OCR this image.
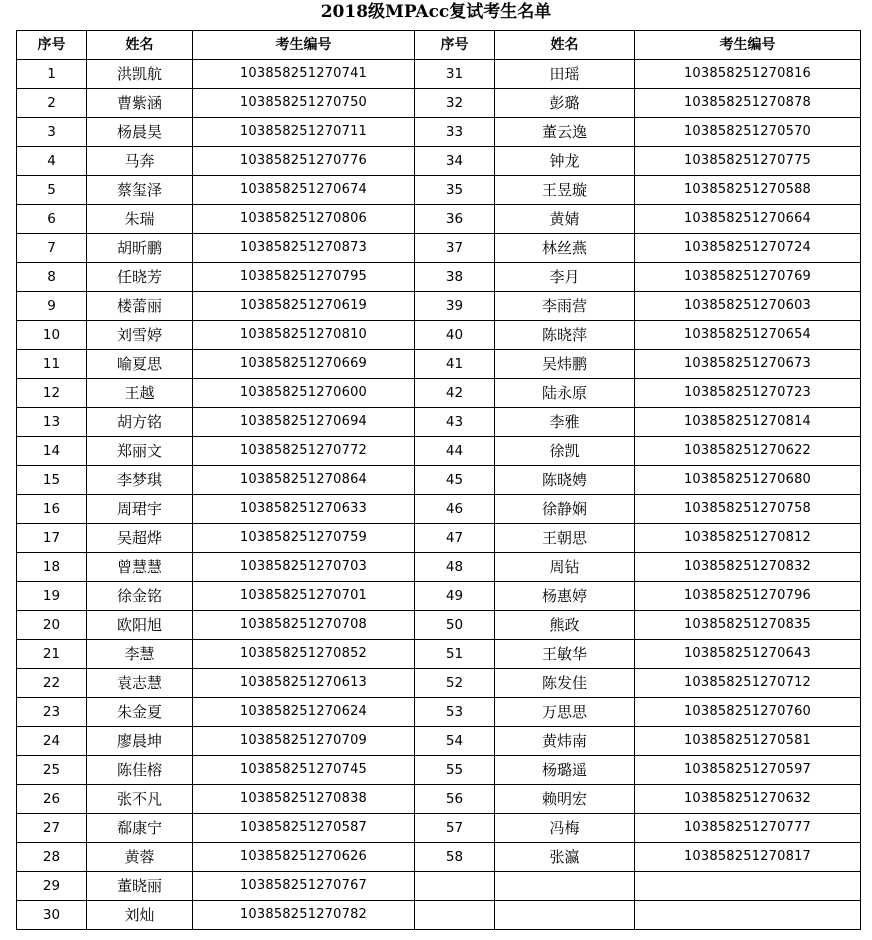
2018级MPAcc复试考生名单
序号	姓名	考生编号	序号	姓名	考生编号
1	洪凯航	103858251270741	31	田瑶	103858251270816
2	曹紫涵	103858251270750	32	彭璐	103858251270878
3	杨晨昊	103858251270711	33	董云逸	103858251270570
4	马奔	103858251270776	34	钟龙	103858251270775
5	蔡玺泽	103858251270674	35	王昱璇	103858251270588
6	朱瑞	103858251270806	36	黄婧	103858251270664
7	胡昕鹏	103858251270873	37	林丝燕	103858251270724
8	任晓芳	103858251270795	38	李月	103858251270769
9	楼蕾丽	103858251270619	39	李雨营	103858251270603
10	刘雪婷	103858251270810	40	陈晓萍	103858251270654
11	喻夏思	103858251270669	41	吴炜鹏	103858251270673
12	王越	103858251270600	42	陆永原	103858251270723
13	胡方铭	103858251270694	43	李雅	103858251270814
14	郑丽文	103858251270772	44	徐凯	103858251270622
15	李梦琪	103858251270864	45	陈晓娉	103858251270680
16	周珺宇	103858251270633	46	徐静娴	103858251270758
17	吴超烨	103858251270759	47	王朝思	103858251270812
18	曾慧慧	103858251270703	48	周钻	103858251270832
19	徐金铭	103858251270701	49	杨惠婷	103858251270796
20	欧阳旭	103858251270708	50	熊政	103858251270835
21	李慧	103858251270852	51	王敏华	103858251270643
22	袁志慧	103858251270613	52	陈发佳	103858251270712
23	朱金夏	103858251270624	53	万思思	103858251270760
24	廖晨坤	103858251270709	54	黄炜南	103858251270581
25	陈佳榕	103858251270745	55	杨璐遥	103858251270597
26	张不凡	103858251270838	56	赖明宏	103858251270632
27	郗康宁	103858251270587	57	冯梅	103858251270777
28	黄蓉	103858251270626	58	张瀛	103858251270817
29	董晓丽	103858251270767			
30	刘灿	103858251270782			
